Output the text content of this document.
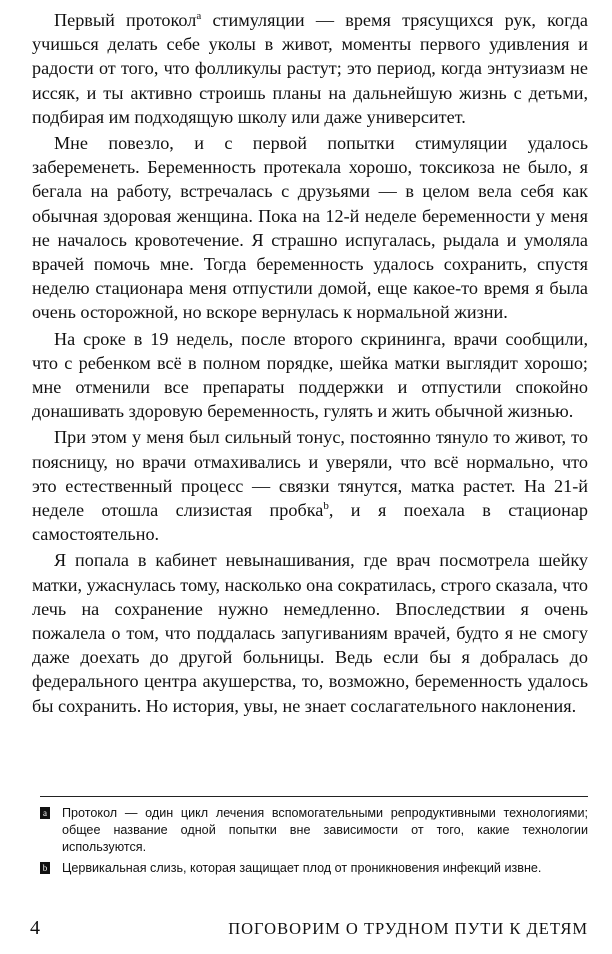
Первый протокол$^a$ стимуляции — время трясущихся рук, когда учишься делать себе уколы в живот, моменты первого удивления и радости от того, что фолликулы растут; это период, когда энтузиазм не иссяк, и ты активно строишь планы на дальнейшую жизнь с детьми, подбирая им подходящую школу или даже университет.

Мне повезло, и с первой попытки стимуляции удалось забеременеть. Беременность протекала хорошо, токсикоза не было, я бегала на работу, встречалась с друзьями — в целом вела себя как обычная здоровая женщина. Пока на 12-й неделе беременности у меня не началось кровотечение. Я страшно испугалась, рыдала и умоляла врачей помочь мне. Тогда беременность удалось сохранить, спустя неделю стационара меня отпустили домой, еще какое-то время я была очень осторожной, но вскоре вернулась к нормальной жизни.

На сроке в 19 недель, после второго скрининга, врачи сообщили, что с ребенком всё в полном порядке, шейка матки выглядит хорошо; мне отменили все препараты поддержки и отпустили спокойно донашивать здоровую беременность, гулять и жить обычной жизнью.

При этом у меня был сильный тонус, постоянно тянуло то живот, то поясницу, но врачи отмахивались и уверяли, что всё нормально, что это естественный процесс — связки тянутся, матка растет. На 21-й неделе отошла слизистая пробка$^b$, и я поехала в стационар самостоятельно.

Я попала в кабинет невынашивания, где врач посмотрела шейку матки, ужаснулась тому, насколько она сократилась, строго сказала, что лечь на сохранение нужно немедленно. Впоследствии я очень пожалела о том, что поддалась запугиваниям врачей, будто я не смогу даже доехать до другой больницы. Ведь если бы я добралась до федерального центра акушерства, то, возможно, беременность удалось бы сохранить. Но история, увы, не знает сослагательного наклонения.

a Протокол — один цикл лечения вспомогательными репродуктивными технологиями; общее название одной попытки вне зависимости от того, какие технологии используются.

b Цервикальная слизь, которая защищает плод от проникновения инфекций извне.

4	ПОГОВОРИМ О ТРУДНОМ ПУТИ К ДЕТЯМ
